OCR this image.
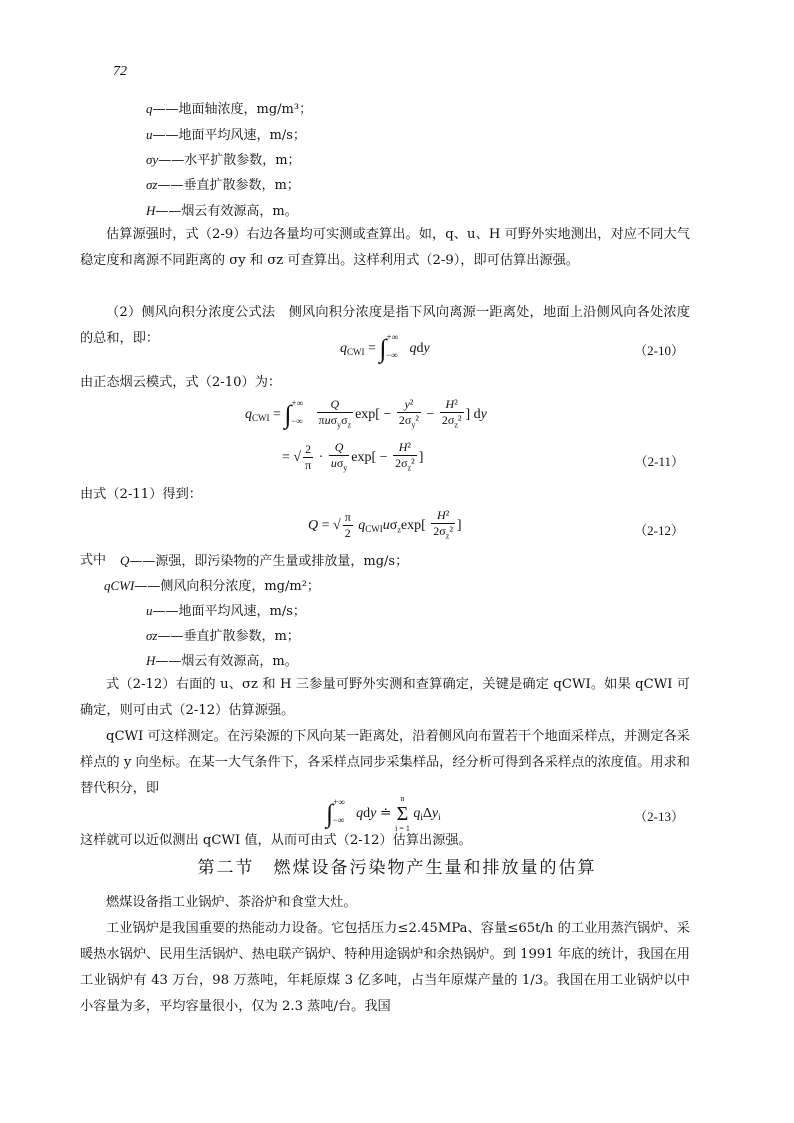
72
q——地面轴浓度，mg/m³；
u——地面平均风速，m/s；
σy——水平扩散参数，m；
σz——垂直扩散参数，m；
H——烟云有效源高，m。
估算源强时，式（2-9）右边各量均可实测或查算出。如，q、u、H 可野外实地测出，对应不同大气稳定度和离源不同距离的 σy 和 σz 可查算出。这样利用式（2-9），即可估算出源强。
（2）侧风向积分浓度公式法　侧风向积分浓度是指下风向离源一距离处，地面上沿侧风向各处浓度的总和，即：
$q_{CWI} = \int^{+\infty}_{-\infty}$ qdy	（2-10）
由正态烟云模式，式（2-10）为：
$q_{CWI} = \int^{+\infty}_{-\infty} \frac{Q}{\pi u\sigma_y\sigma_z} \exp[ - \frac{\text{y²}}{2\sigma_y^2} - \frac{\text{H²}}{2\sigma_z^2}$ ] dy
= √ $\frac{2}{\pi} \cdot \frac{Q}{u\sigma_y} \exp[ - \frac{\text{H²}}{2\sigma_z^2}$ ]	（2-11）
由式（2-11）得到：
Q = √ $\frac{\pi}{2} q_{CWI}u\sigma_z\exp[ \frac{\text{H²}}{2\sigma_z^2}$ ]	（2-12）
式中 Q——源强，即污染物的产生量或排放量，mg/s；
qCWI——侧风向积分浓度，mg/m²；
u——地面平均风速，m/s；
σz——垂直扩散参数，m；
H——烟云有效源高，m。
式（2-12）右面的 u、σz 和 H 三参量可野外实测和查算确定，关键是确定 qCWI。如果 qCWI 可确定，则可由式（2-12）估算源强。
qCWI 可这样测定。在污染源的下风向某一距离处，沿着侧风向布置若干个地面采样点，并测定各采样点的 y 向坐标。在某一大气条件下，各采样点同步采集样品，经分析可得到各采样点的浓度值。用求和替代积分，即
$\int^{+\infty}_{-\infty}$ qdy ≐
n
Σ
i = 1
$q_i\Delta y_i$	（2-13）
这样就可以近似测出 qCWI 值，从而可由式（2-12）估算出源强。
第二节　燃煤设备污染物产生量和排放量的估算
燃煤设备指工业锅炉、茶浴炉和食堂大灶。
工业锅炉是我国重要的热能动力设备。它包括压力≤2.45MPa、容量≤65t/h 的工业用蒸汽锅炉、采暖热水锅炉、民用生活锅炉、热电联产锅炉、特种用途锅炉和余热锅炉。到 1991 年底的统计，我国在用工业锅炉有 43 万台，98 万蒸吨，年耗原煤 3 亿多吨，占当年原煤产量的 1/3。我国在用工业锅炉以中小容量为多，平均容量很小，仅为 2.3 蒸吨/台。我国
